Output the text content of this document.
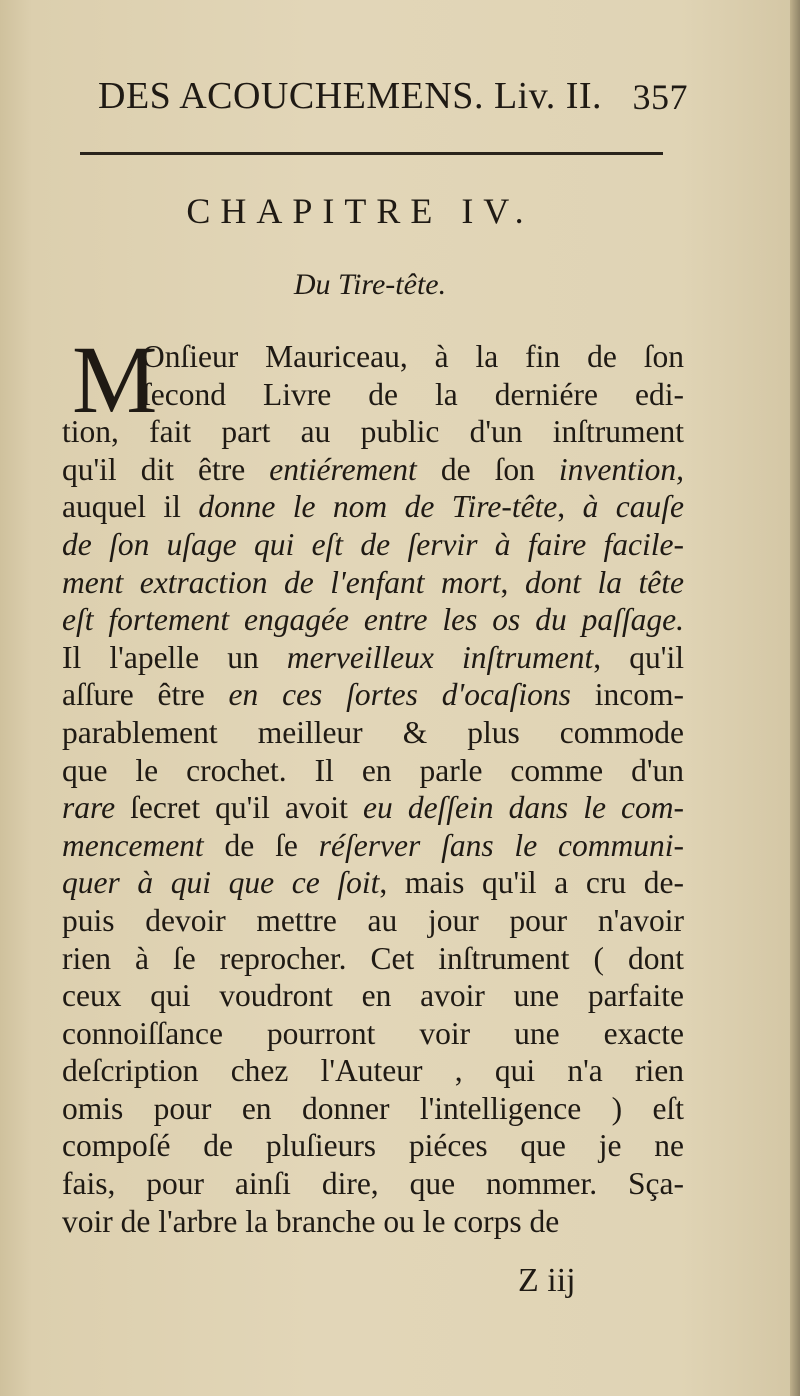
DES ACOUCHEMENS. Liv. II. 357
CHAPITRE IV.
Du Tire-tête.
M
Onſieur Mauriceau, à la fin de ſon
ſecond Livre de la derniére edi-
tion, fait part au public d'un inſtrument
qu'il dit être entiérement de ſon invention,
auquel il donne le nom de Tire-tête, à cauſe
de ſon uſage qui eſt de ſervir à faire facile-
ment extraction de l'enfant mort, dont la tête
eſt fortement engagée entre les os du paſſage.
Il l'apelle un merveilleux inſtrument, qu'il
aſſure être en ces ſortes d'ocaſions incom-
parablement meilleur & plus commode
que le crochet. Il en parle comme d'un
rare ſecret qu'il avoit eu deſſein dans le com-
mencement de ſe réſerver ſans le communi-
quer à qui que ce ſoit, mais qu'il a cru de-
puis devoir mettre au jour pour n'avoir
rien à ſe reprocher. Cet inſtrument ( dont
ceux qui voudront en avoir une parfaite
connoiſſance pourront voir une exacte
deſcription chez l'Auteur , qui n'a rien
omis pour en donner l'intelligence ) eſt
compoſé de pluſieurs piéces que je ne
fais, pour ainſi dire, que nommer. Sça-
voir de l'arbre la branche ou le corps de
Z iij
